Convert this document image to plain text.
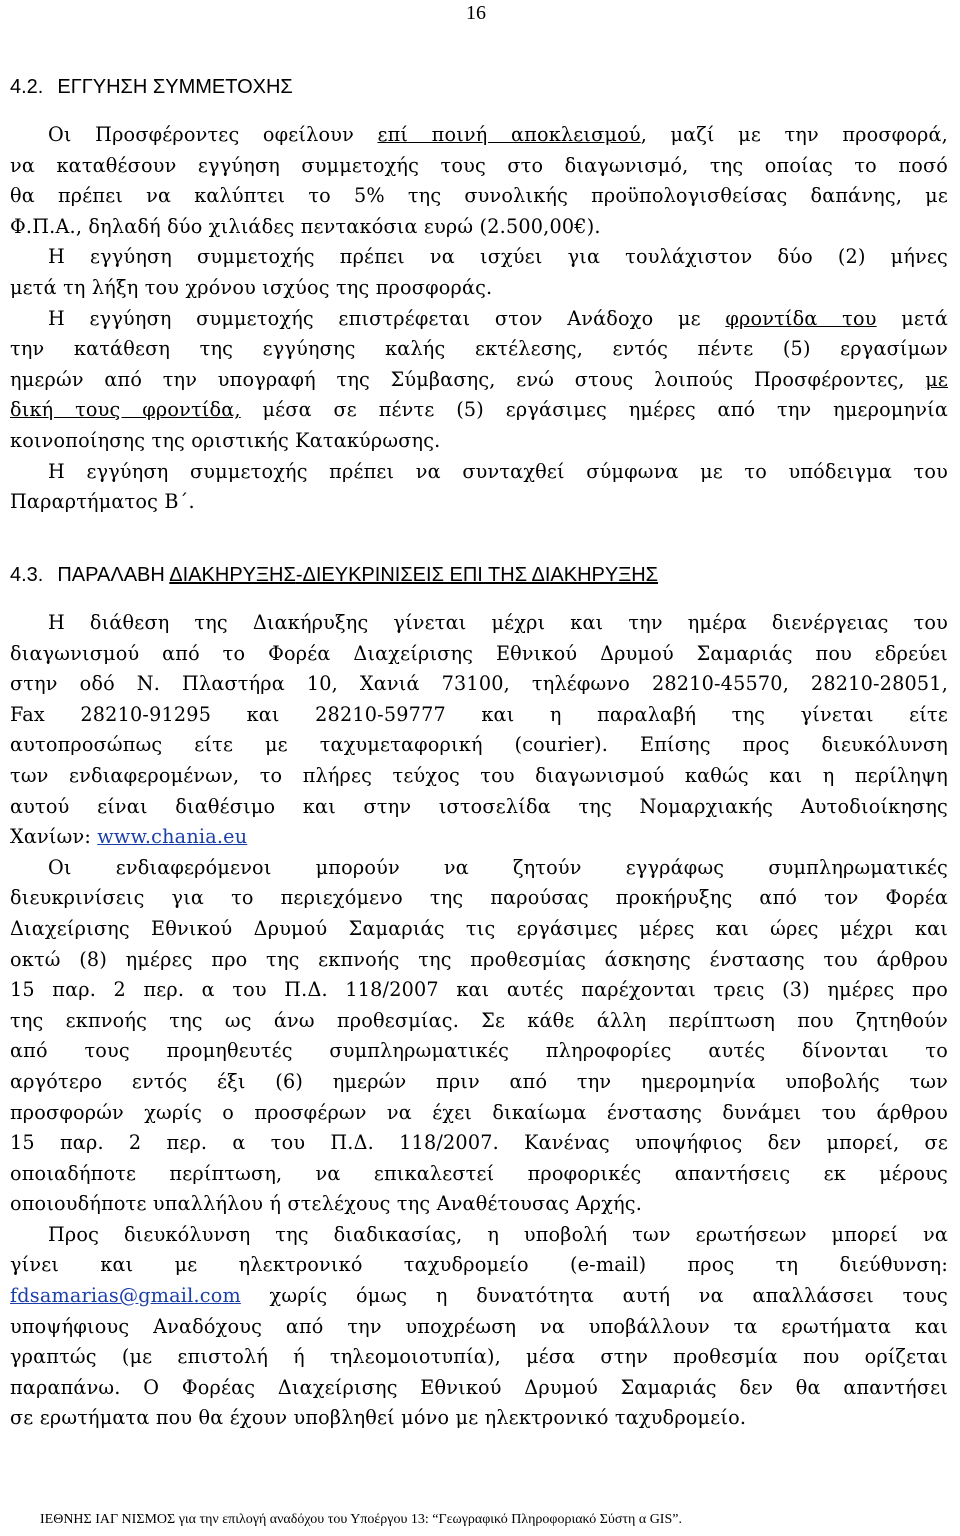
16
4.2. ΕΓΓΥΗΣΗ ΣΥΜΜΕΤΟΧΗΣ

Οι Προσφέροντες οφείλουν επί ποινή αποκλεισμού, μαζί με την προσφορά,
να καταθέσουν εγγύηση συμμετοχής τους στο διαγωνισμό, της οποίας το ποσό
θα πρέπει να καλύπτει το 5% της συνολικής προϋπολογισθείσας δαπάνης, με
Φ.Π.Α., δηλαδή δύο χιλιάδες πεντακόσια ευρώ (2.500,00€).

Η εγγύηση συμμετοχής πρέπει να ισχύει για τουλάχιστον δύο (2) μήνες
μετά τη λήξη του χρόνου ισχύος της προσφοράς.

Η εγγύηση συμμετοχής επιστρέφεται στον Ανάδοχο με φροντίδα του μετά
την κατάθεση της εγγύησης καλής εκτέλεσης, εντός πέντε (5) εργασίμων
ημερών από την υπογραφή της Σύμβασης, ενώ στους λοιπούς Προσφέροντες, με
δική τους φροντίδα, μέσα σε πέντε (5) εργάσιμες ημέρες από την ημερομηνία
κοινοποίησης της οριστικής Κατακύρωσης.

Η εγγύηση συμμετοχής πρέπει να συνταχθεί σύμφωνα με το υπόδειγμα του
Παραρτήματος Β΄.

4.3. ΠΑΡΑΛΑΒΗ ΔΙΑΚΗΡΥΞΗΣ-ΔΙΕΥΚΡΙΝΙΣΕΙΣ ΕΠΙ ΤΗΣ ΔΙΑΚΗΡΥΞΗΣ

Η διάθεση της Διακήρυξης γίνεται μέχρι και την ημέρα διενέργειας του
διαγωνισμού από το Φορέα Διαχείρισης Εθνικού Δρυμού Σαμαριάς που εδρεύει
στην οδό Ν. Πλαστήρα 10, Χανιά 73100, τηλέφωνο 28210-45570, 28210-28051,
Fax 28210-91295 και 28210-59777 και η παραλαβή της γίνεται είτε
αυτοπροσώπως είτε με ταχυμεταφορική (courier). Επίσης προς διευκόλυνση
των ενδιαφερομένων, το πλήρες τεύχος του διαγωνισμού καθώς και η περίληψη
αυτού είναι διαθέσιμο και στην ιστοσελίδα της Νομαρχιακής Αυτοδιοίκησης
Χανίων: www.chania.eu

Οι ενδιαφερόμενοι μπορούν να ζητούν εγγράφως συμπληρωματικές
διευκρινίσεις για το περιεχόμενο της παρούσας προκήρυξης από τον Φορέα
Διαχείρισης Εθνικού Δρυμού Σαμαριάς τις εργάσιμες μέρες και ώρες μέχρι και
οκτώ (8) ημέρες προ της εκπνοής της προθεσμίας άσκησης ένστασης του άρθρου
15 παρ. 2 περ. α του Π.Δ. 118/2007 και αυτές παρέχονται τρεις (3) ημέρες προ
της εκπνοής της ως άνω προθεσμίας. Σε κάθε άλλη περίπτωση που ζητηθούν
από τους προμηθευτές συμπληρωματικές πληροφορίες αυτές δίνονται το
αργότερο εντός έξι (6) ημερών πριν από την ημερομηνία υποβολής των
προσφορών χωρίς ο προσφέρων να έχει δικαίωμα ένστασης δυνάμει του άρθρου
15 παρ. 2 περ. α του Π.Δ. 118/2007. Κανένας υποψήφιος δεν μπορεί, σε
οποιαδήποτε περίπτωση, να επικαλεστεί προφορικές απαντήσεις εκ μέρους
οποιουδήποτε υπαλλήλου ή στελέχους της Αναθέτουσας Αρχής.

Προς διευκόλυνση της διαδικασίας, η υποβολή των ερωτήσεων μπορεί να
γίνει και με ηλεκτρονικό ταχυδρομείο (e-mail) προς τη διεύθυνση:
fdsamarias@gmail.com χωρίς όμως η δυνατότητα αυτή να απαλλάσσει τους
υποψήφιους Αναδόχους από την υποχρέωση να υποβάλλουν τα ερωτήματα και
γραπτώς (με επιστολή ή τηλεομοιοτυπία), μέσα στην προθεσμία που ορίζεται
παραπάνω. Ο Φορέας Διαχείρισης Εθνικού Δρυμού Σαμαριάς δεν θα απαντήσει
σε ερωτήματα που θα έχουν υποβληθεί μόνο με ηλεκτρονικό ταχυδρομείο.

ΙΕΘΝΗΣ ΙΑΓ ΝΙΣΜΟΣ για την επιλογή αναδόχου του Υποέργου 13: “Γεωγραφικό Πληροφοριακό Σύστη α GIS”.
